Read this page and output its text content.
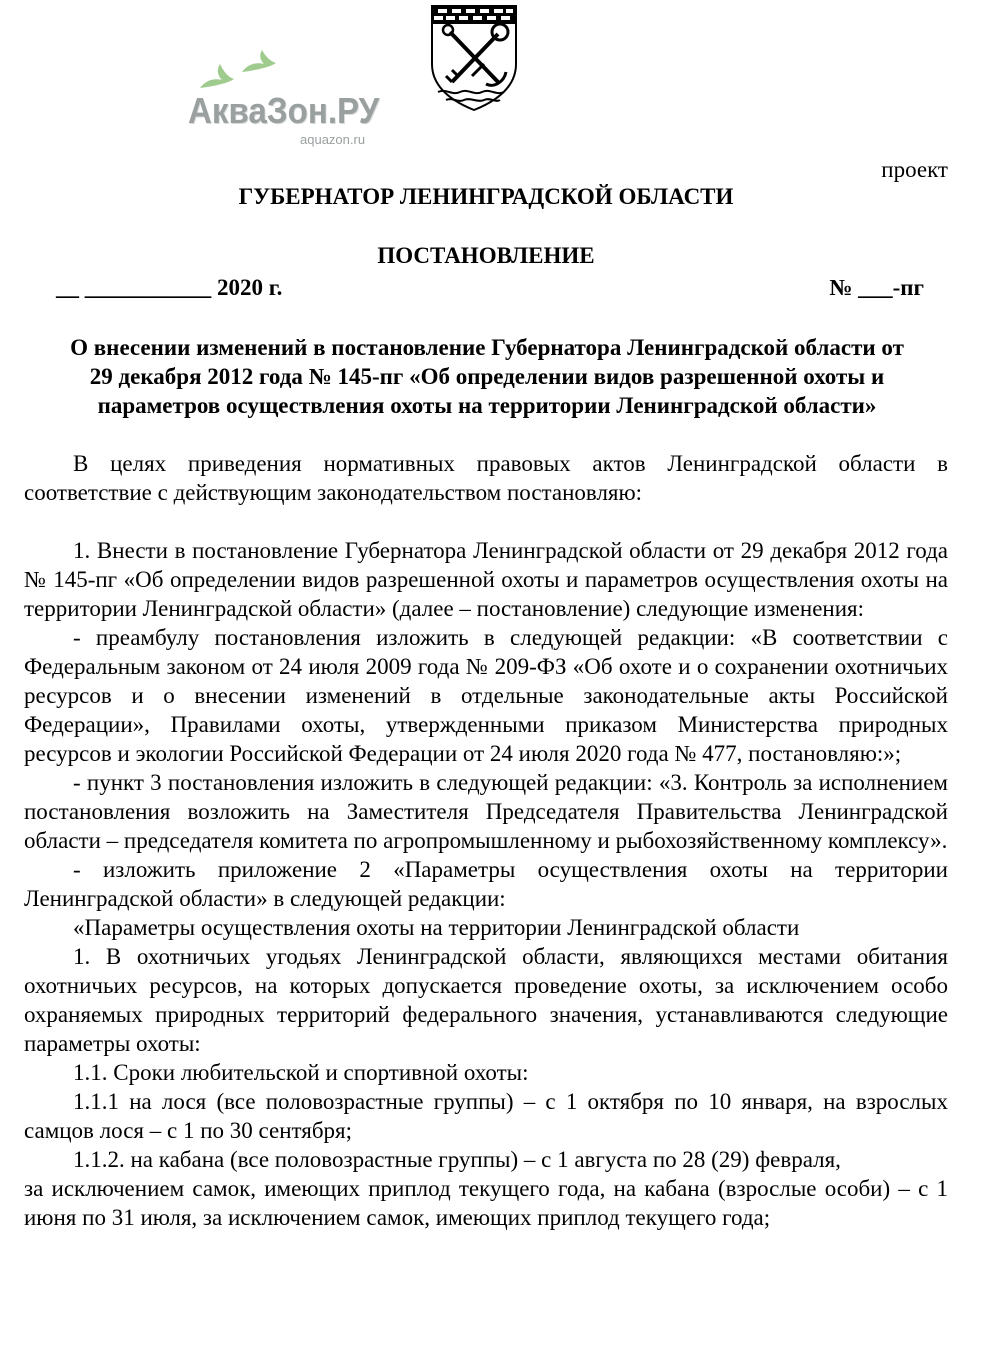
АкваЗон.РУ
aquazon.ru
проект
ГУБЕРНАТОР ЛЕНИНГРАДСКОЙ ОБЛАСТИ
ПОСТАНОВЛЕНИЕ
__ ___________ 2020 г.	№ ___-пг
О внесении изменений в постановление Губернатора Ленинградской области от
29 декабря 2012 года № 145-пг «Об определении видов разрешенной охоты и
параметров осуществления охоты на территории Ленинградской области»

В целях приведения нормативных правовых актов Ленинградской области в соответствие с действующим законодательством постановляю:

1. Внести в постановление Губернатора Ленинградской области от 29 декабря 2012 года № 145-пг «Об определении видов разрешенной охоты и параметров осуществления охоты на территории Ленинградской области» (далее – постановление) следующие изменения:

- преамбулу постановления изложить в следующей редакции: «В соответствии с Федеральным законом от 24 июля 2009 года № 209-ФЗ «Об охоте и о сохранении охотничьих ресурсов и о внесении изменений в отдельные законодательные акты Российской Федерации», Правилами охоты, утвержденными приказом Министерства природных ресурсов и экологии Российской Федерации от 24 июля 2020 года № 477, постановляю:»;

- пункт 3 постановления изложить в следующей редакции: «3. Контроль за исполнением постановления возложить на Заместителя Председателя Правительства Ленинградской области – председателя комитета по агропромышленному и рыбохозяйственному комплексу».

- изложить приложение 2 «Параметры осуществления охоты на территории Ленинградской области» в следующей редакции:

«Параметры осуществления охоты на территории Ленинградской области

1. В охотничьих угодьях Ленинградской области, являющихся местами обитания охотничьих ресурсов, на которых допускается проведение охоты, за исключением особо охраняемых природных территорий федерального значения, устанавливаются следующие параметры охоты:

1.1. Сроки любительской и спортивной охоты:

1.1.1 на лося (все половозрастные группы) – с 1 октября по 10 января, на взрослых самцов лося – с 1 по 30 сентября;

1.1.2. на кабана (все половозрастные группы) – с 1 августа по 28 (29) февраля,

за исключением самок, имеющих приплод текущего года, на кабана (взрослые особи) – с 1 июня по 31 июля, за исключением самок, имеющих приплод текущего года;
